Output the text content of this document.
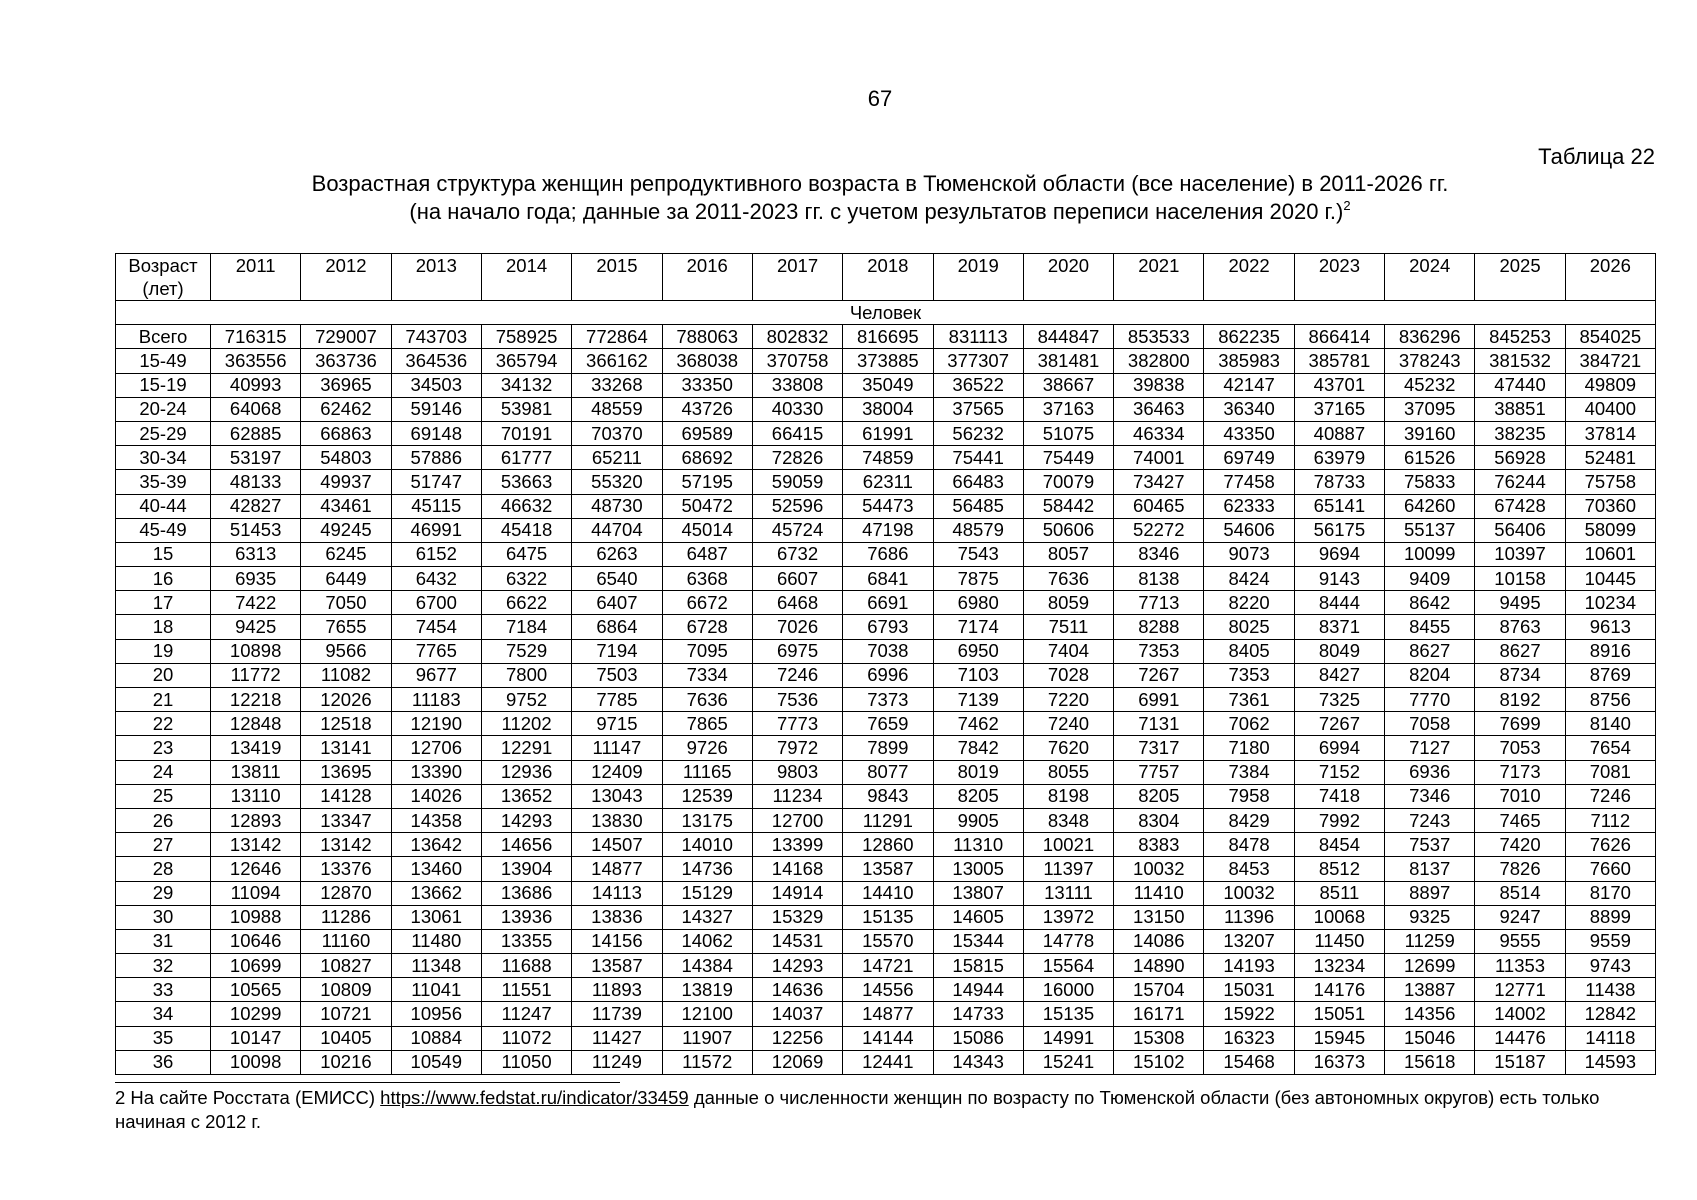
67
Таблица 22
Возрастная структура женщин репродуктивного возраста в Тюменской области (все население) в 2011-2026 гг.
(на начало года; данные за 2011-2023 гг. с учетом результатов переписи населения 2020 г.)$^2$
Возраст (лет)	2011	2012	2013	2014	2015	2016	2017	2018	2019	2020	2021	2022	2023	2024	2025	2026
Человек																
Всего	716315	729007	743703	758925	772864	788063	802832	816695	831113	844847	853533	862235	866414	836296	845253	854025
15-49	363556	363736	364536	365794	366162	368038	370758	373885	377307	381481	382800	385983	385781	378243	381532	384721
15-19	40993	36965	34503	34132	33268	33350	33808	35049	36522	38667	39838	42147	43701	45232	47440	49809
20-24	64068	62462	59146	53981	48559	43726	40330	38004	37565	37163	36463	36340	37165	37095	38851	40400
25-29	62885	66863	69148	70191	70370	69589	66415	61991	56232	51075	46334	43350	40887	39160	38235	37814
30-34	53197	54803	57886	61777	65211	68692	72826	74859	75441	75449	74001	69749	63979	61526	56928	52481
35-39	48133	49937	51747	53663	55320	57195	59059	62311	66483	70079	73427	77458	78733	75833	76244	75758
40-44	42827	43461	45115	46632	48730	50472	52596	54473	56485	58442	60465	62333	65141	64260	67428	70360
45-49	51453	49245	46991	45418	44704	45014	45724	47198	48579	50606	52272	54606	56175	55137	56406	58099
15	6313	6245	6152	6475	6263	6487	6732	7686	7543	8057	8346	9073	9694	10099	10397	10601
16	6935	6449	6432	6322	6540	6368	6607	6841	7875	7636	8138	8424	9143	9409	10158	10445
17	7422	7050	6700	6622	6407	6672	6468	6691	6980	8059	7713	8220	8444	8642	9495	10234
18	9425	7655	7454	7184	6864	6728	7026	6793	7174	7511	8288	8025	8371	8455	8763	9613
19	10898	9566	7765	7529	7194	7095	6975	7038	6950	7404	7353	8405	8049	8627	8627	8916
20	11772	11082	9677	7800	7503	7334	7246	6996	7103	7028	7267	7353	8427	8204	8734	8769
21	12218	12026	11183	9752	7785	7636	7536	7373	7139	7220	6991	7361	7325	7770	8192	8756
22	12848	12518	12190	11202	9715	7865	7773	7659	7462	7240	7131	7062	7267	7058	7699	8140
23	13419	13141	12706	12291	11147	9726	7972	7899	7842	7620	7317	7180	6994	7127	7053	7654
24	13811	13695	13390	12936	12409	11165	9803	8077	8019	8055	7757	7384	7152	6936	7173	7081
25	13110	14128	14026	13652	13043	12539	11234	9843	8205	8198	8205	7958	7418	7346	7010	7246
26	12893	13347	14358	14293	13830	13175	12700	11291	9905	8348	8304	8429	7992	7243	7465	7112
27	13142	13142	13642	14656	14507	14010	13399	12860	11310	10021	8383	8478	8454	7537	7420	7626
28	12646	13376	13460	13904	14877	14736	14168	13587	13005	11397	10032	8453	8512	8137	7826	7660
29	11094	12870	13662	13686	14113	15129	14914	14410	13807	13111	11410	10032	8511	8897	8514	8170
30	10988	11286	13061	13936	13836	14327	15329	15135	14605	13972	13150	11396	10068	9325	9247	8899
31	10646	11160	11480	13355	14156	14062	14531	15570	15344	14778	14086	13207	11450	11259	9555	9559
32	10699	10827	11348	11688	13587	14384	14293	14721	15815	15564	14890	14193	13234	12699	11353	9743
33	10565	10809	11041	11551	11893	13819	14636	14556	14944	16000	15704	15031	14176	13887	12771	11438
34	10299	10721	10956	11247	11739	12100	14037	14877	14733	15135	16171	15922	15051	14356	14002	12842
35	10147	10405	10884	11072	11427	11907	12256	14144	15086	14991	15308	16323	15945	15046	14476	14118
36	10098	10216	10549	11050	11249	11572	12069	12441	14343	15241	15102	15468	16373	15618	15187	14593
2 На сайте Росстата (ЕМИСС) https://www.fedstat.ru/indicator/33459 данные о численности женщин по возрасту по Тюменской области (без автономных округов) есть только начиная с 2012 г.
